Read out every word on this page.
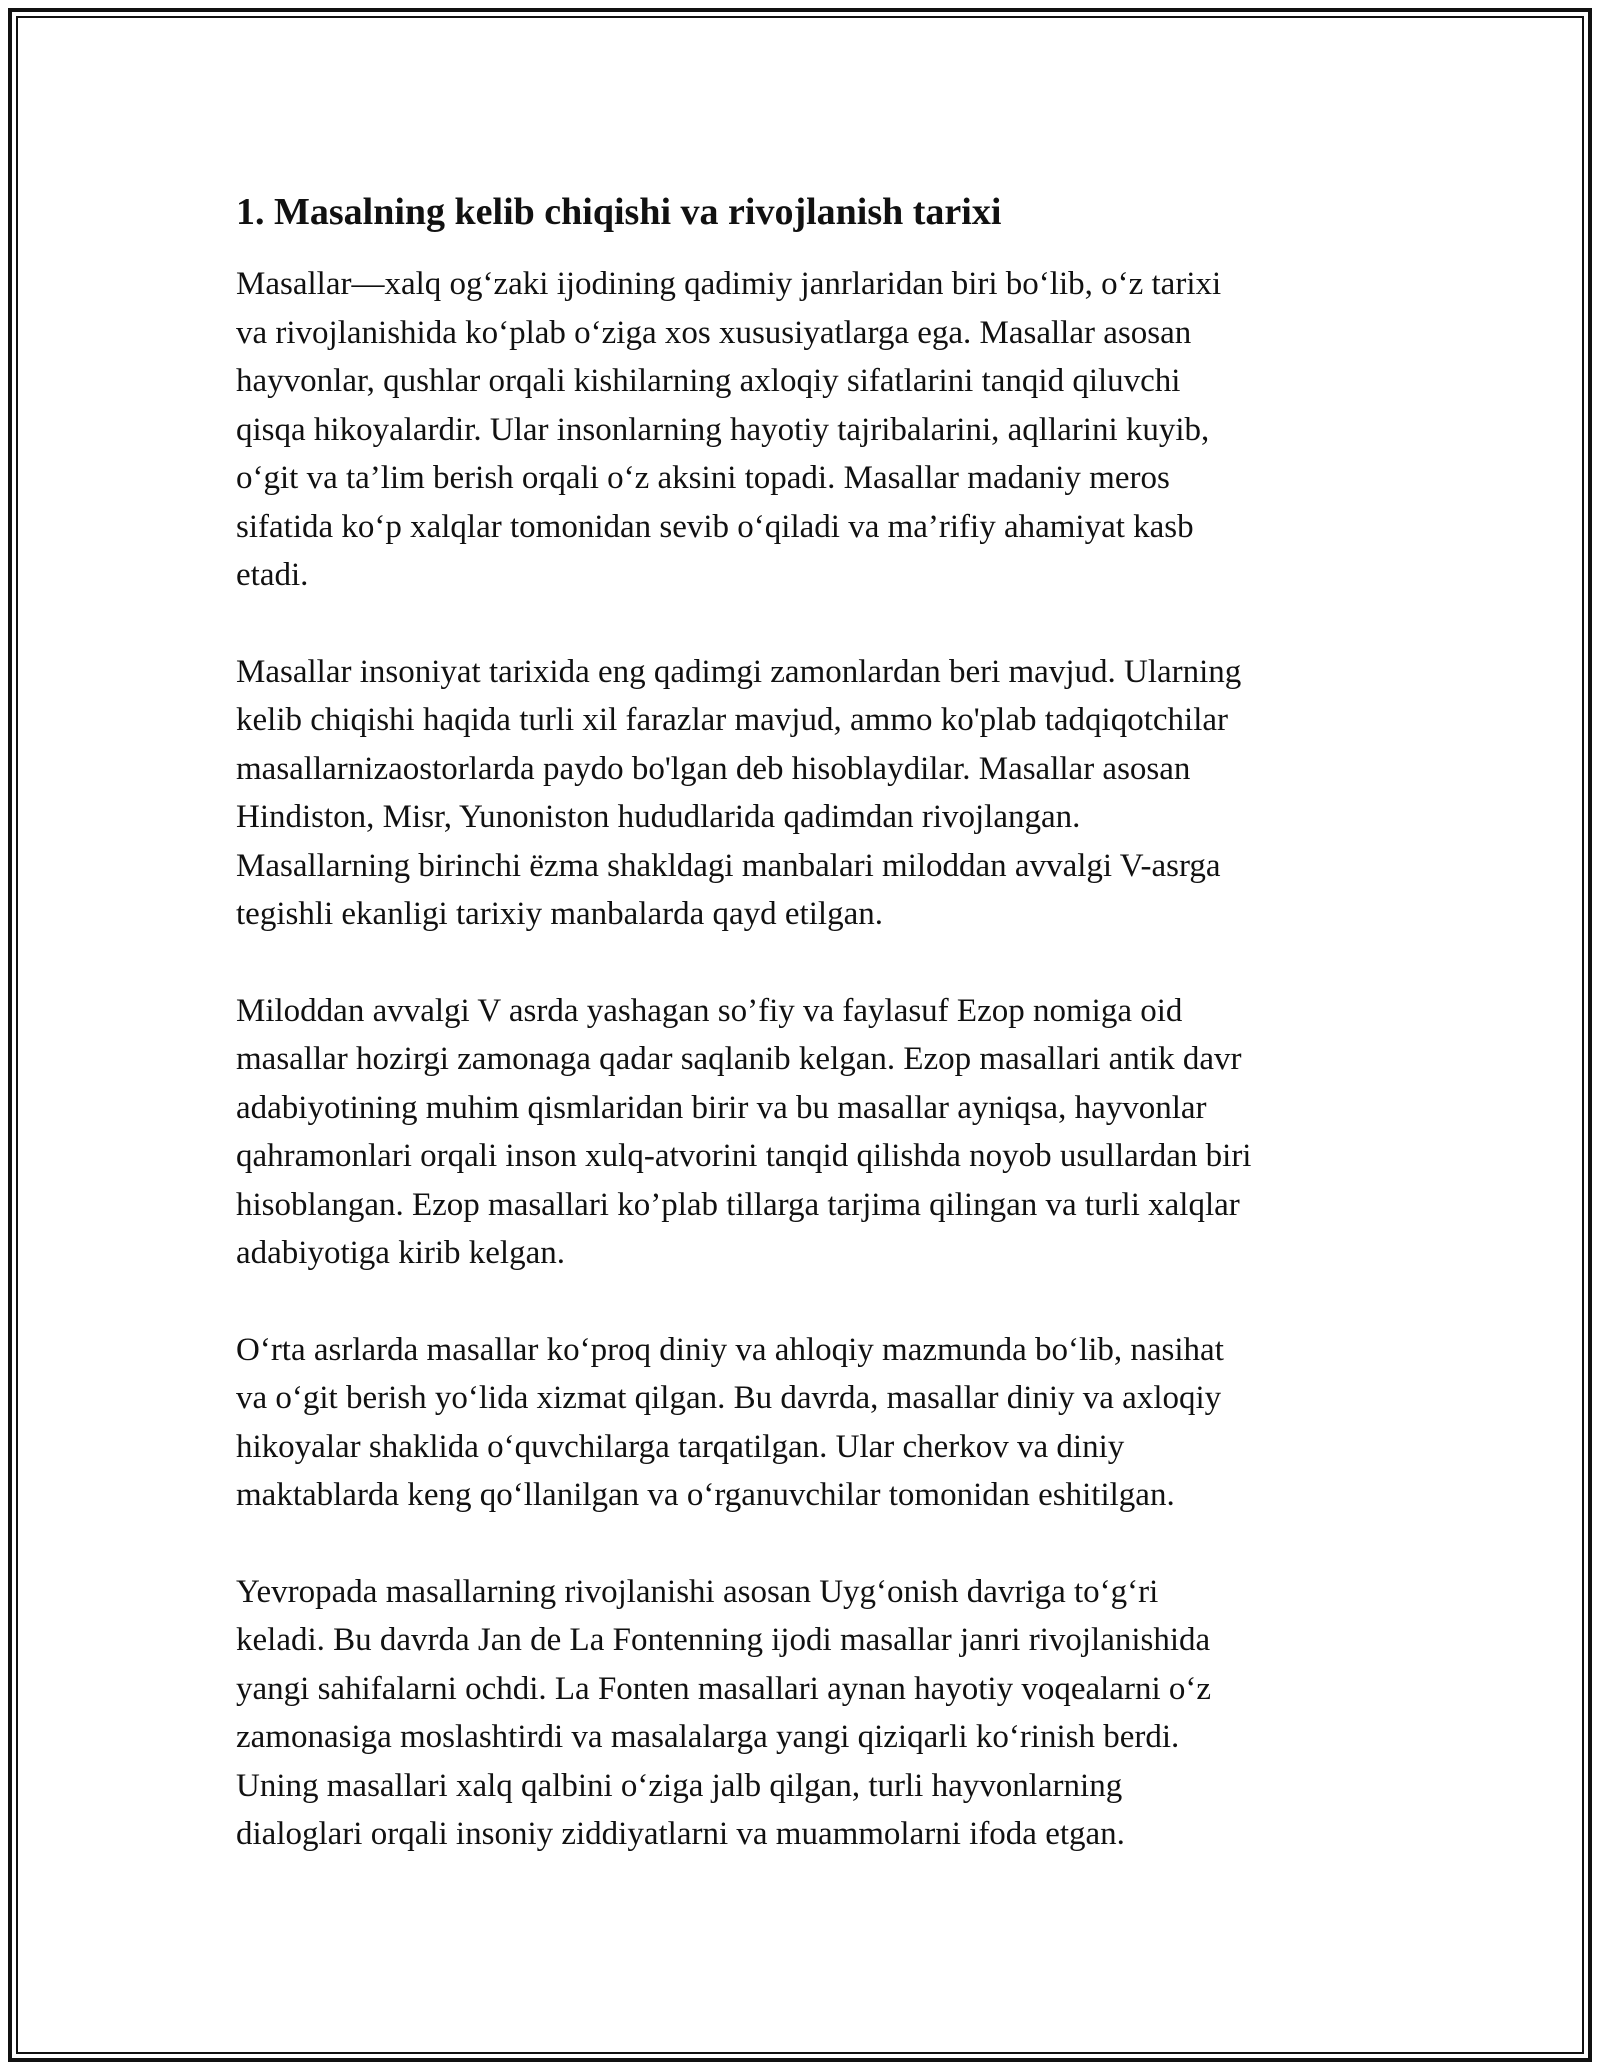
1. Masalning kelib chiqishi va rivojlanish tarixi

Masallar—xalq og‘zaki ijodining qadimiy janrlaridan biri bo‘lib, o‘z tarixi
va rivojlanishida ko‘plab o‘ziga xos xususiyatlarga ega. Masallar asosan
hayvonlar, qushlar orqali kishilarning axloqiy sifatlarini tanqid qiluvchi
qisqa hikoyalardir. Ular insonlarning hayotiy tajribalarini, aqllarini kuyib,
o‘git va ta’lim berish orqali o‘z aksini topadi. Masallar madaniy meros
sifatida ko‘p xalqlar tomonidan sevib o‘qiladi va ma’rifiy ahamiyat kasb
etadi.

Masallar insoniyat tarixida eng qadimgi zamonlardan beri mavjud. Ularning
kelib chiqishi haqida turli xil farazlar mavjud, ammo ko'plab tadqiqotchilar
masallarnizaostorlarda paydo bo'lgan deb hisoblaydilar. Masallar asosan
Hindiston, Misr, Yunoniston hududlarida qadimdan rivojlangan.
Masallarning birinchi ёzma shakldagi manbalari miloddan avvalgi V-asrga
tegishli ekanligi tarixiy manbalarda qayd etilgan.

Miloddan avvalgi V asrda yashagan so’fiy va faylasuf Ezop nomiga oid
masallar hozirgi zamonaga qadar saqlanib kelgan. Ezop masallari antik davr
adabiyotining muhim qismlaridan birir va bu masallar ayniqsa, hayvonlar
qahramonlari orqali inson xulq-atvorini tanqid qilishda noyob usullardan biri
hisoblangan. Ezop masallari ko’plab tillarga tarjima qilingan va turli xalqlar
adabiyotiga kirib kelgan.

O‘rta asrlarda masallar ko‘proq diniy va ahloqiy mazmunda bo‘lib, nasihat
va o‘git berish yo‘lida xizmat qilgan. Bu davrda, masallar diniy va axloqiy
hikoyalar shaklida o‘quvchilarga tarqatilgan. Ular cherkov va diniy
maktablarda keng qo‘llanilgan va o‘rganuvchilar tomonidan eshitilgan.

Yevropada masallarning rivojlanishi asosan Uyg‘onish davriga to‘g‘ri
keladi. Bu davrda Jan de La Fontenning ijodi masallar janri rivojlanishida
yangi sahifalarni ochdi. La Fonten masallari aynan hayotiy voqealarni o‘z
zamonasiga moslashtirdi va masalalarga yangi qiziqarli ko‘rinish berdi.
Uning masallari xalq qalbini o‘ziga jalb qilgan, turli hayvonlarning
dialoglari orqali insoniy ziddiyatlarni va muammolarni ifoda etgan.
